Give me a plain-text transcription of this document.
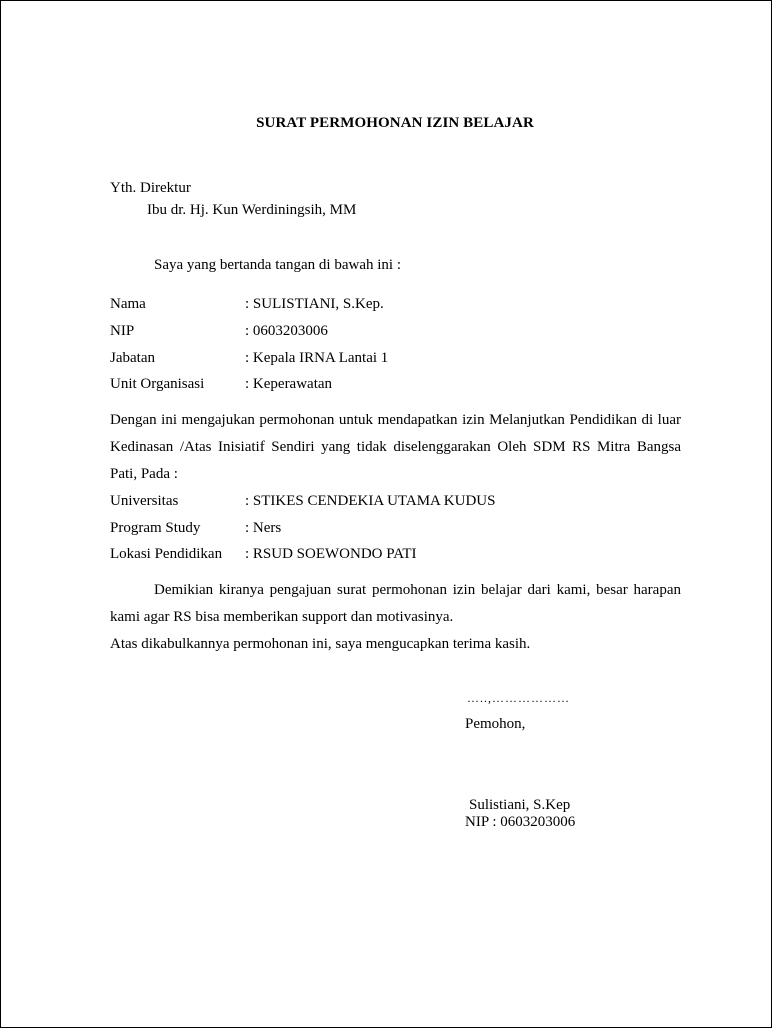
SURAT PERMOHONAN IZIN BELAJAR
Yth. Direktur
Ibu dr. Hj. Kun Werdiningsih, MM
Saya yang bertanda tangan di bawah ini :
Nama	: SULISTIANI, S.Kep.
NIP	: 0603203006
Jabatan	: Kepala IRNA Lantai 1
Unit Organisasi	: Keperawatan
Dengan ini mengajukan permohonan untuk mendapatkan izin Melanjutkan Pendidikan di luar
Kedinasan /Atas Inisiatif Sendiri yang tidak diselenggarakan Oleh SDM RS Mitra Bangsa
Pati, Pada :
Universitas	: STIKES CENDEKIA UTAMA KUDUS
Program Study	: Ners
Lokasi Pendidikan : RSUD SOEWONDO PATI
Demikian kiranya pengajuan surat permohonan izin belajar dari kami, besar harapan
kami agar RS bisa memberikan support dan motivasinya.
Atas dikabulkannya permohonan ini, saya mengucapkan terima kasih.
…..,………………
Pemohon,
Sulistiani, S.Kep
NIP : 0603203006
